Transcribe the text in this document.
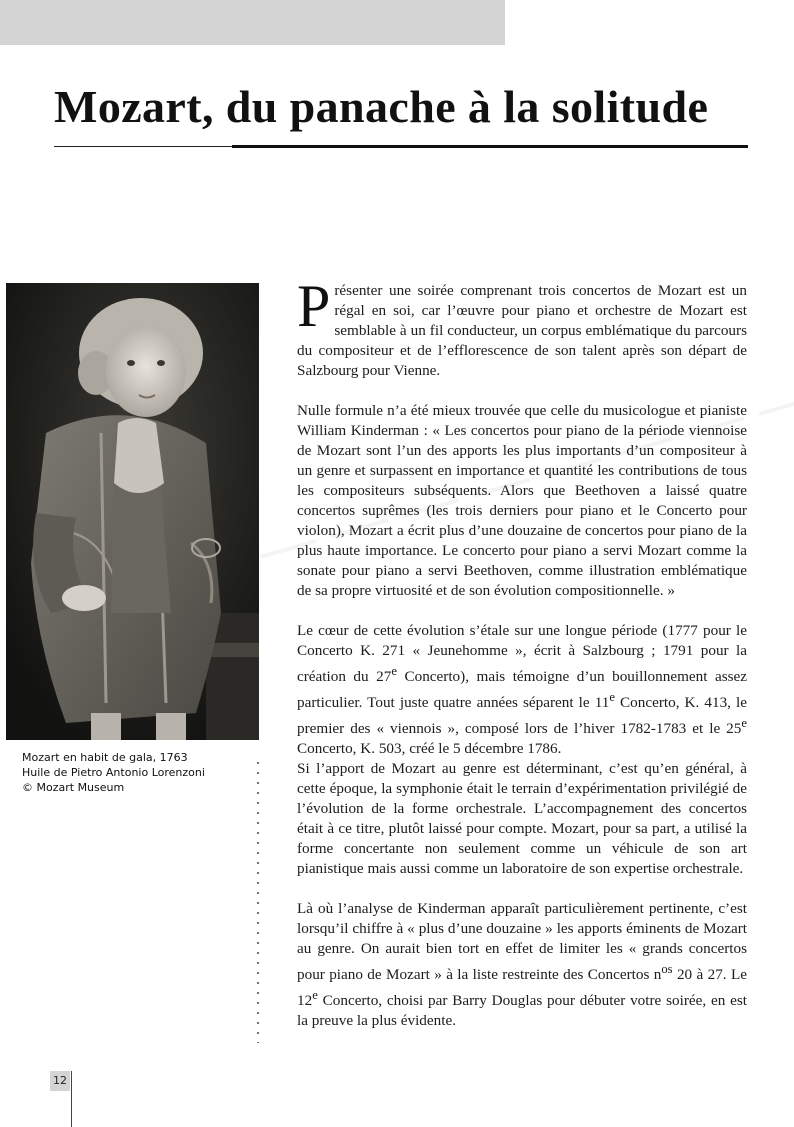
Mozart, du panache à la solitude
Mozart en habit de gala, 1763
Huile de Pietro Antonio Lorenzoni
© Mozart Museum

Présenter une soirée comprenant trois concertos de Mozart est un régal en soi, car l’œuvre pour piano et orchestre de Mozart est semblable à un fil conducteur, un corpus emblématique du parcours du compositeur et de l’efflorescence de son talent après son départ de Salzbourg pour Vienne.

Nulle formule n’a été mieux trouvée que celle du musicologue et pianiste William Kinderman : « Les concertos pour piano de la période viennoise de Mozart sont l’un des apports les plus importants d’un compositeur à un genre et surpassent en importance et quantité les contributions de tous les compositeurs subséquents. Alors que Beethoven a laissé quatre concertos suprêmes (les trois derniers pour piano et le Concerto pour violon), Mozart a écrit plus d’une douzaine de concertos pour piano de la plus haute importance. Le concerto pour piano a servi Mozart comme la sonate pour piano a servi Beethoven, comme illustration emblématique de sa propre virtuosité et de son évolution compositionnelle. »

Le cœur de cette évolution s’étale sur une longue période (1777 pour le Concerto K. 271 « Jeunehomme », écrit à Salzbourg ; 1791 pour la création du 27e Concerto), mais témoigne d’un bouillonnement assez particulier. Tout juste quatre années séparent le 11e Concerto, K. 413, le premier des « viennois », composé lors de l’hiver 1782-1783 et le 25e Concerto, K. 503, créé le 5 décembre 1786.

Si l’apport de Mozart au genre est déterminant, c’est qu’en général, à cette époque, la symphonie était le terrain d’expérimentation privilégié de l’évolution de la forme orchestrale. L’accompagnement des concertos était à ce titre, plutôt laissé pour compte. Mozart, pour sa part, a utilisé la forme concertante non seulement comme un véhicule de son art pianistique mais aussi comme un laboratoire de son expertise orchestrale.

Là où l’analyse de Kinderman apparaît particulièrement pertinente, c’est lorsqu’il chiffre à « plus d’une douzaine » les apports éminents de Mozart au genre. On aurait bien tort en effet de limiter les « grands concertos pour piano de Mozart » à la liste restreinte des Concertos $n^{os}$ 20 à 27. Le 12e Concerto, choisi par Barry Douglas pour débuter votre soirée, en est la preuve la plus évidente.

12
